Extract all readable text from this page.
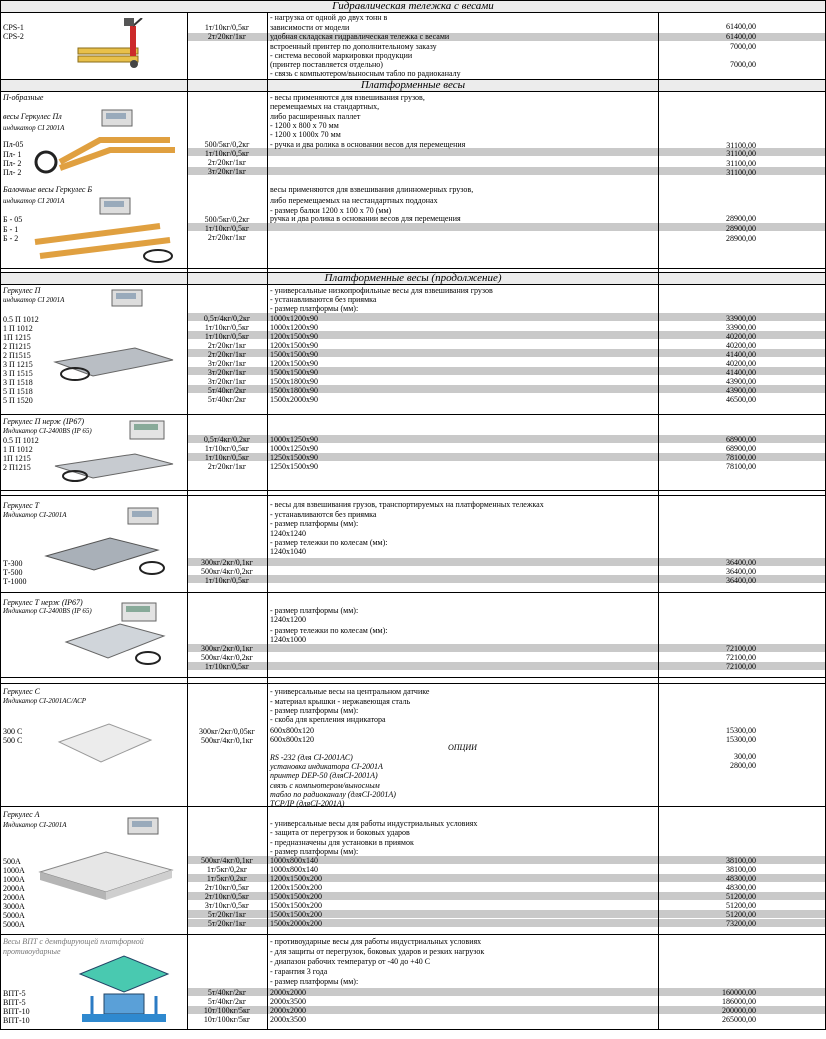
Гидравлическая тележка с весами
Платформенные весы
Платформенные весы (продолжение)
CPS-1
CPS-2
П-образные
весы Геркулес Пл
индикатор CI 2001А
Балочные весы Геркулес Б
индикатор CI 2001А
Геркулес П
индикатор CI 2001А
Геркулес П нерж (IP67)
Индикатор CI-2400BS (IP 65)
Геркулес Т
Индикатор CI-2001А
Геркулес Т нерж (IP67)
Индикатор CI-2400BS (IP 65)
Геркулес С
Индикатор CI-2001АС/АСР
300 С
500 С
Геркулес А
Индикатор CI-2001А
Весы ВПТ с демпфирующей платформой
противоударные
1т/10кг/0,5кг
2т/20кг/1кг
- нагрузка от одной до двух тонн в
зависимости от модели
удобная складская гидравлическая тележка с весами
встроенный принтер по дополнительному заказу
- система весовой маркировки продукции
(принтер поставляется отдельно)
- связь с компьютером/выносным табло по радиоканалу
61400,00
61400,00
7000,00
7000,00
Пл-05
Пл- 1
Пл- 2
Пл- 2
500/5кг/0,2кг
1т/10кг/0,5кг
2т/20кг/1кг
3т/20кг/1кг
- весы применяются для взвешивания грузов,
перемещаемых на стандартных,
либо расширенных паллет
- 1200 х 800 х 70 мм
- 1200 х 1000х 70 мм
- ручка и два ролика в основании весов для перемещения	31100,00
31100,00
31100,00
31100,00
Б - 05
Б - 1
Б - 2
500/5кг/0,2кг
1т/10кг/0,5кг
2т/20кг/1кг
весы применяются для взвешивания длинномерных грузов,
либо перемещаемых на нестандартных поддонах
- размер балки 1200 х 100 х 70 (мм)
ручка и два ролика в основании весов для перемещения	28900,00
28900,00
28900,00
0.5 П 1012
1 П 1012
1П 1215
2 П1215
2 П1515
3 П 1215
3 П 1515
3 П 1518
5 П 1518
5 П 1520
0,5т/4кг/0,2кг
1т/10кг/0,5кг
1т/10кг/0,5кг
2т/20кг/1кг
2т/20кг/1кг
3т/20кг/1кг
3т/20кг/1кг
3т/20кг/1кг
5т/40кг/2кг
5т/40кг/2кг
- универсальные низкопрофильные весы для взвешивания грузов
- устанавливаются без приямка
- размер платформы (мм):
1000х1200х90
1000х1200х90
1200х1500х90
1200х1500х90
1500х1500х90
1200х1500х90
1500х1500х90
1500х1800х90
1500х1800х90
1500х2000х90
33900,00
33900,00
40200,00
40200,00
41400,00
40200,00
41400,00
43900,00
43900,00
46500,00
0.5 П 1012
1 П 1012
1П 1215
2 П1215
0,5т/4кг/0,2кг
1т/10кг/0,5кг
1т/10кг/0,5кг
2т/20кг/1кг
1000х1250х90
1000х1250х90
1250х1500х90
1250х1500х90
68900,00
68900,00
78100,00
78100,00
Т-300
Т-500
Т-1000
300кг/2кг/0,1кг
500кг/4кг/0,2кг
1т/10кг/0,5кг
- весы для взвешивания грузов, транспортируемых на платформенных тележках
- устанавливаются без приямка
- размер платформы (мм):
1240х1240
- размер тележки по колесам (мм):
1240х1040
36400,00
36400,00
36400,00
300кг/2кг/0,1кг
500кг/4кг/0,2кг
1т/10кг/0,5кг
- размер платформы (мм):
1240х1200
- размер тележки по колесам (мм):
1240х1000
72100,00
72100,00
72100,00
300кг/2кг/0,05кг
500кг/4кг/0,1кг
- универсальные весы на центральном датчике
- материал крышки - нержавеющая сталь
- размер платформы (мм):
- скоба для крепления индикатора
600х800х120
600х800х120
ОПЦИИ
RS -232 (для CI-2001АС)
установка индикатора CI-2001А
принтер DEP-50 (дляCI-2001А)
связь с компьютером/выносным
табло по радиоканалу (дляCI-2001А)
TCP/IP (дляCI-2001А)
15300,00
15300,00
300,00
2800,00
500А
1000А
1000А
2000А
2000А
3000А
5000А
5000А
500кг/4кг/0,1кг
1т/5кг/0,2кг
1т/5кг/0,2кг
2т/10кг/0,5кг
2т/10кг/0,5кг
3т/10кг/0,5кг
5т/20кг/1кг
5т/20кг/1кг
- универсальные весы для работы индустриальных условиях
- защита от перегрузок и боковых ударов
- предназначены для установки в приямок
- размер платформы (мм):
1000х800х140
1000х800х140
1200х1500х200
1200х1500х200
1500х1500х200
1500х1500х200
1500х1500х200
1500х2000х200
38100,00
38100,00
48300,00
48300,00
51200,00
51200,00
51200,00
73200,00
ВПТ-5
ВПТ-5
ВПТ-10
ВПТ-10
5т/40кг/2кг
5т/40кг/2кг
10т/100кг/5кг
10т/100кг/5кг
- противоударные весы для работы индустриальных условиях
- для защиты от перегрузок, боковых ударов и резких нагрузок
- диапазон рабочих температур от -40 до +40 С
- гарантия 3 года
- размер платформы (мм):
2000х2000
2000х3500
2000х2000
2000х3500
160000,00
186000,00
200000,00
265000,00
